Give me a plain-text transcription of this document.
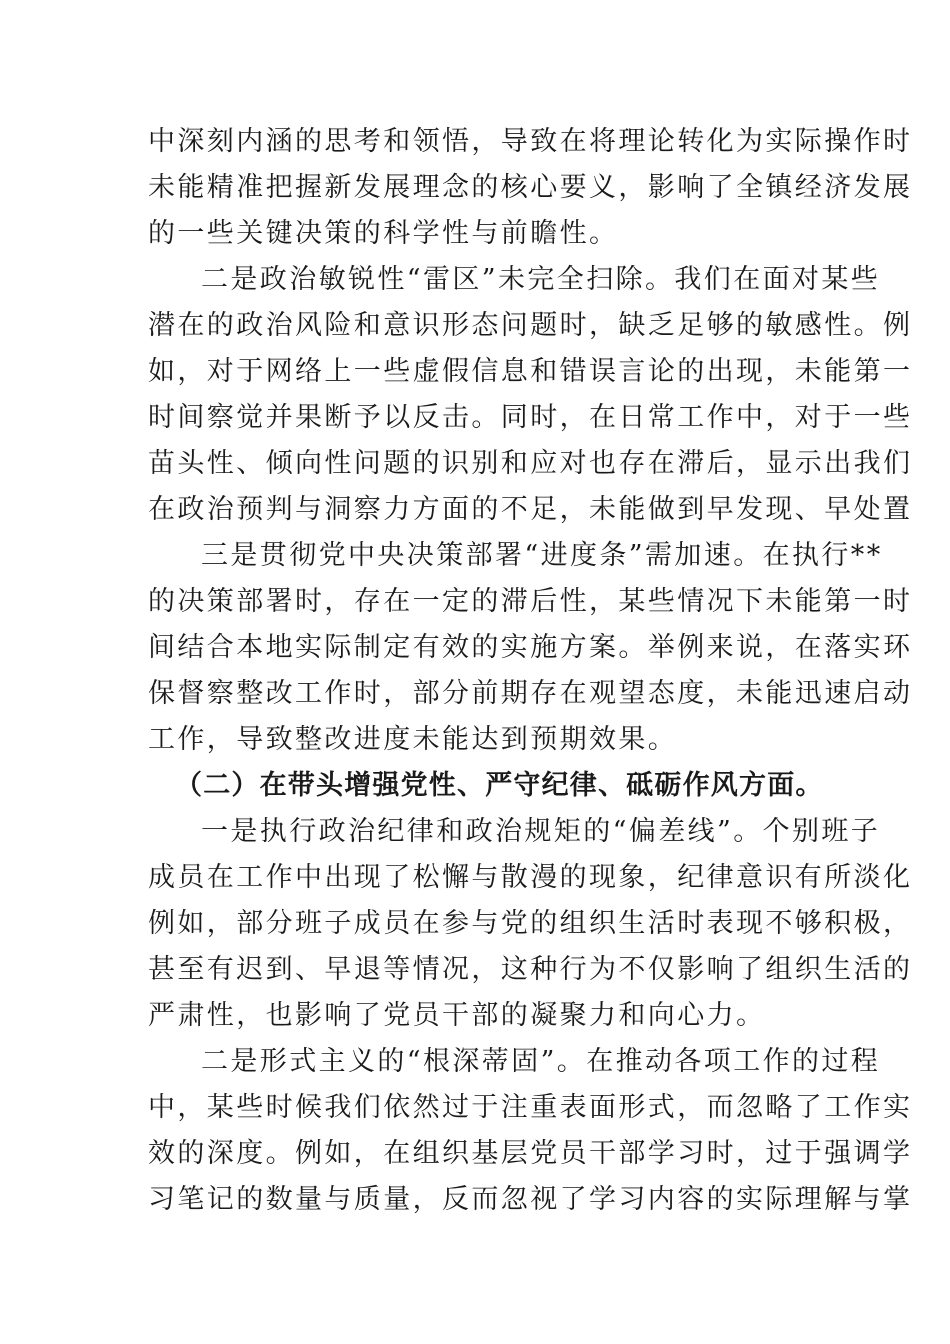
中深刻内涵的思考和领悟，导致在将理论转化为实际操作时
未能精准把握新发展理念的核心要义，影响了全镇经济发展
的一些关键决策的科学性与前瞻性。
二是政治敏锐性“雷区”未完全扫除。我们在面对某些
潜在的政治风险和意识形态问题时，缺乏足够的敏感性。例
如，对于网络上一些虚假信息和错误言论的出现，未能第一
时间察觉并果断予以反击。同时，在日常工作中，对于一些
苗头性、倾向性问题的识别和应对也存在滞后，显示出我们
在政治预判与洞察力方面的不足，未能做到早发现、早处置
三是贯彻党中央决策部署“进度条”需加速。在执行**
的决策部署时，存在一定的滞后性，某些情况下未能第一时
间结合本地实际制定有效的实施方案。举例来说，在落实环
保督察整改工作时，部分前期存在观望态度，未能迅速启动
工作，导致整改进度未能达到预期效果。
（二）在带头增强党性、严守纪律、砥砺作风方面。
一是执行政治纪律和政治规矩的“偏差线”。个别班子
成员在工作中出现了松懈与散漫的现象，纪律意识有所淡化
例如，部分班子成员在参与党的组织生活时表现不够积极，
甚至有迟到、早退等情况，这种行为不仅影响了组织生活的
严肃性，也影响了党员干部的凝聚力和向心力。
二是形式主义的“根深蒂固”。在推动各项工作的过程
中，某些时候我们依然过于注重表面形式，而忽略了工作实
效的深度。例如，在组织基层党员干部学习时，过于强调学
习笔记的数量与质量，反而忽视了学习内容的实际理解与掌
